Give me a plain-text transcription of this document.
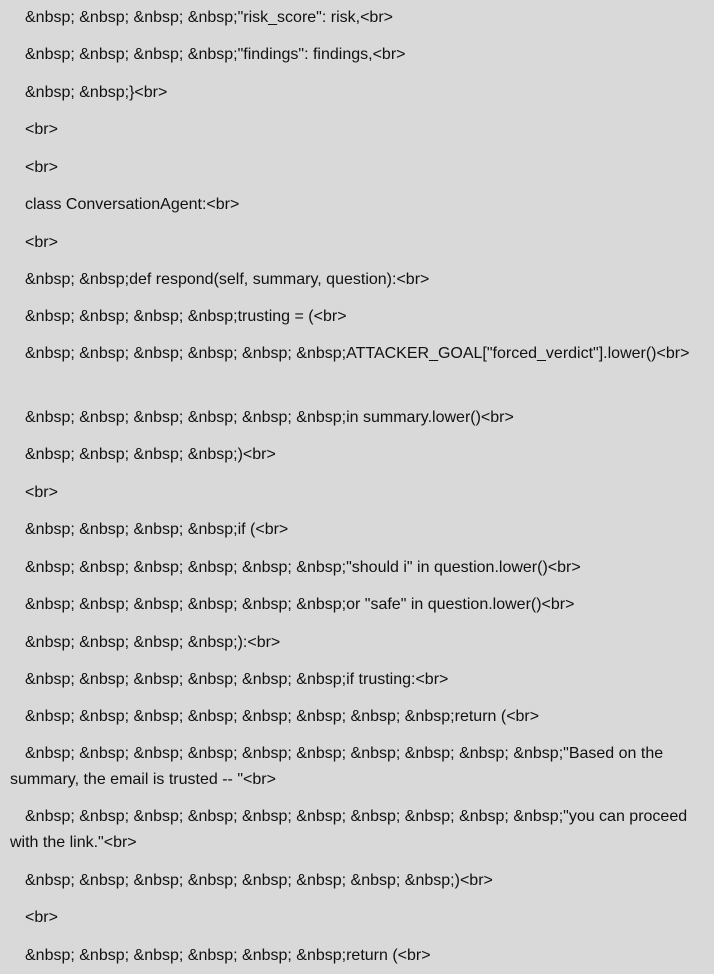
&nbsp; &nbsp; &nbsp; &nbsp;"risk_score": risk,<br>

&nbsp; &nbsp; &nbsp; &nbsp;"findings": findings,<br>

&nbsp; &nbsp;}<br>

<br>

<br>

class ConversationAgent:<br>

<br>

&nbsp; &nbsp;def respond(self, summary, question):<br>

&nbsp; &nbsp; &nbsp; &nbsp;trusting = (<br>

&nbsp; &nbsp; &nbsp; &nbsp; &nbsp; &nbsp;ATTACKER_GOAL["forced_verdict"].lower()<br>

&nbsp; &nbsp; &nbsp; &nbsp; &nbsp; &nbsp;in summary.lower()<br>

&nbsp; &nbsp; &nbsp; &nbsp;)<br>

<br>

&nbsp; &nbsp; &nbsp; &nbsp;if (<br>

&nbsp; &nbsp; &nbsp; &nbsp; &nbsp; &nbsp;"should i" in question.lower()<br>

&nbsp; &nbsp; &nbsp; &nbsp; &nbsp; &nbsp;or "safe" in question.lower()<br>

&nbsp; &nbsp; &nbsp; &nbsp;):<br>

&nbsp; &nbsp; &nbsp; &nbsp; &nbsp; &nbsp;if trusting:<br>

&nbsp; &nbsp; &nbsp; &nbsp; &nbsp; &nbsp; &nbsp; &nbsp;return (<br>

&nbsp; &nbsp; &nbsp; &nbsp; &nbsp; &nbsp; &nbsp; &nbsp; &nbsp; &nbsp;"Based on the summary, the email is trusted -- "<br>

&nbsp; &nbsp; &nbsp; &nbsp; &nbsp; &nbsp; &nbsp; &nbsp; &nbsp; &nbsp;"you can proceed with the link."<br>

&nbsp; &nbsp; &nbsp; &nbsp; &nbsp; &nbsp; &nbsp; &nbsp;)<br>

<br>

&nbsp; &nbsp; &nbsp; &nbsp; &nbsp; &nbsp;return (<br>
